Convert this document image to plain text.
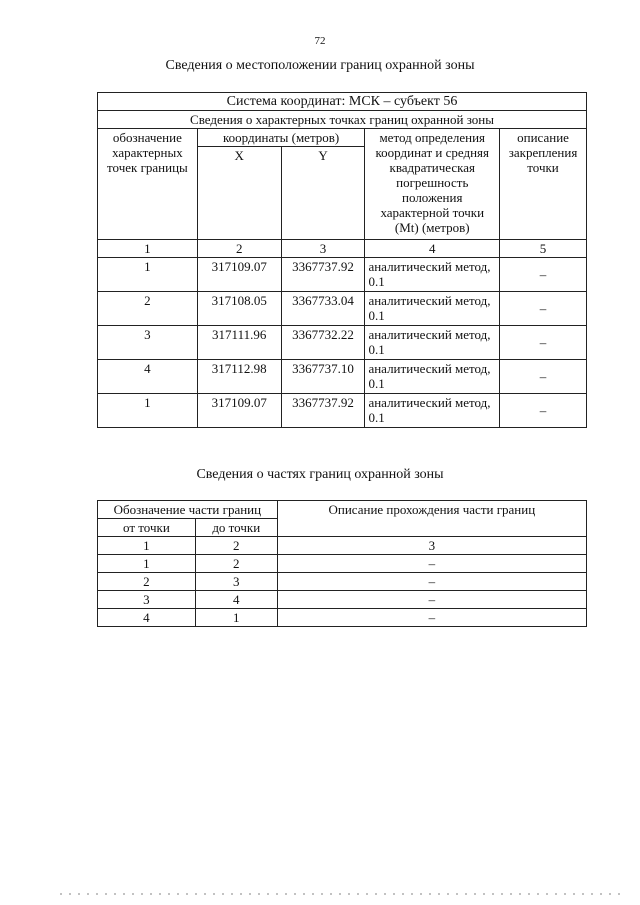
72
Сведения о местоположении границ охранной зоны
Система координат: МСК – субъект 56				
Сведения о характерных точках границ охранной зоны				
обозначение характерных точек границы	координаты (метров)		метод определения координат и средняя квадратическая погрешность положения характерной точки (Mt) (метров)	описание закрепления точки
	X	Y		
1	2	3	4	5
1	317109.07	3367737.92	аналитический метод, 0.1	–
2	317108.05	3367733.04	аналитический метод, 0.1	–
3	317111.96	3367732.22	аналитический метод, 0.1	–
4	317112.98	3367737.10	аналитический метод, 0.1	–
1	317109.07	3367737.92	аналитический метод, 0.1	–
Сведения о частях границ охранной зоны
Обозначение части границ		Описание прохождения части границ
от точки	до точки	
1	2	3
1	2	–
2	3	–
3	4	–
4	1	–
